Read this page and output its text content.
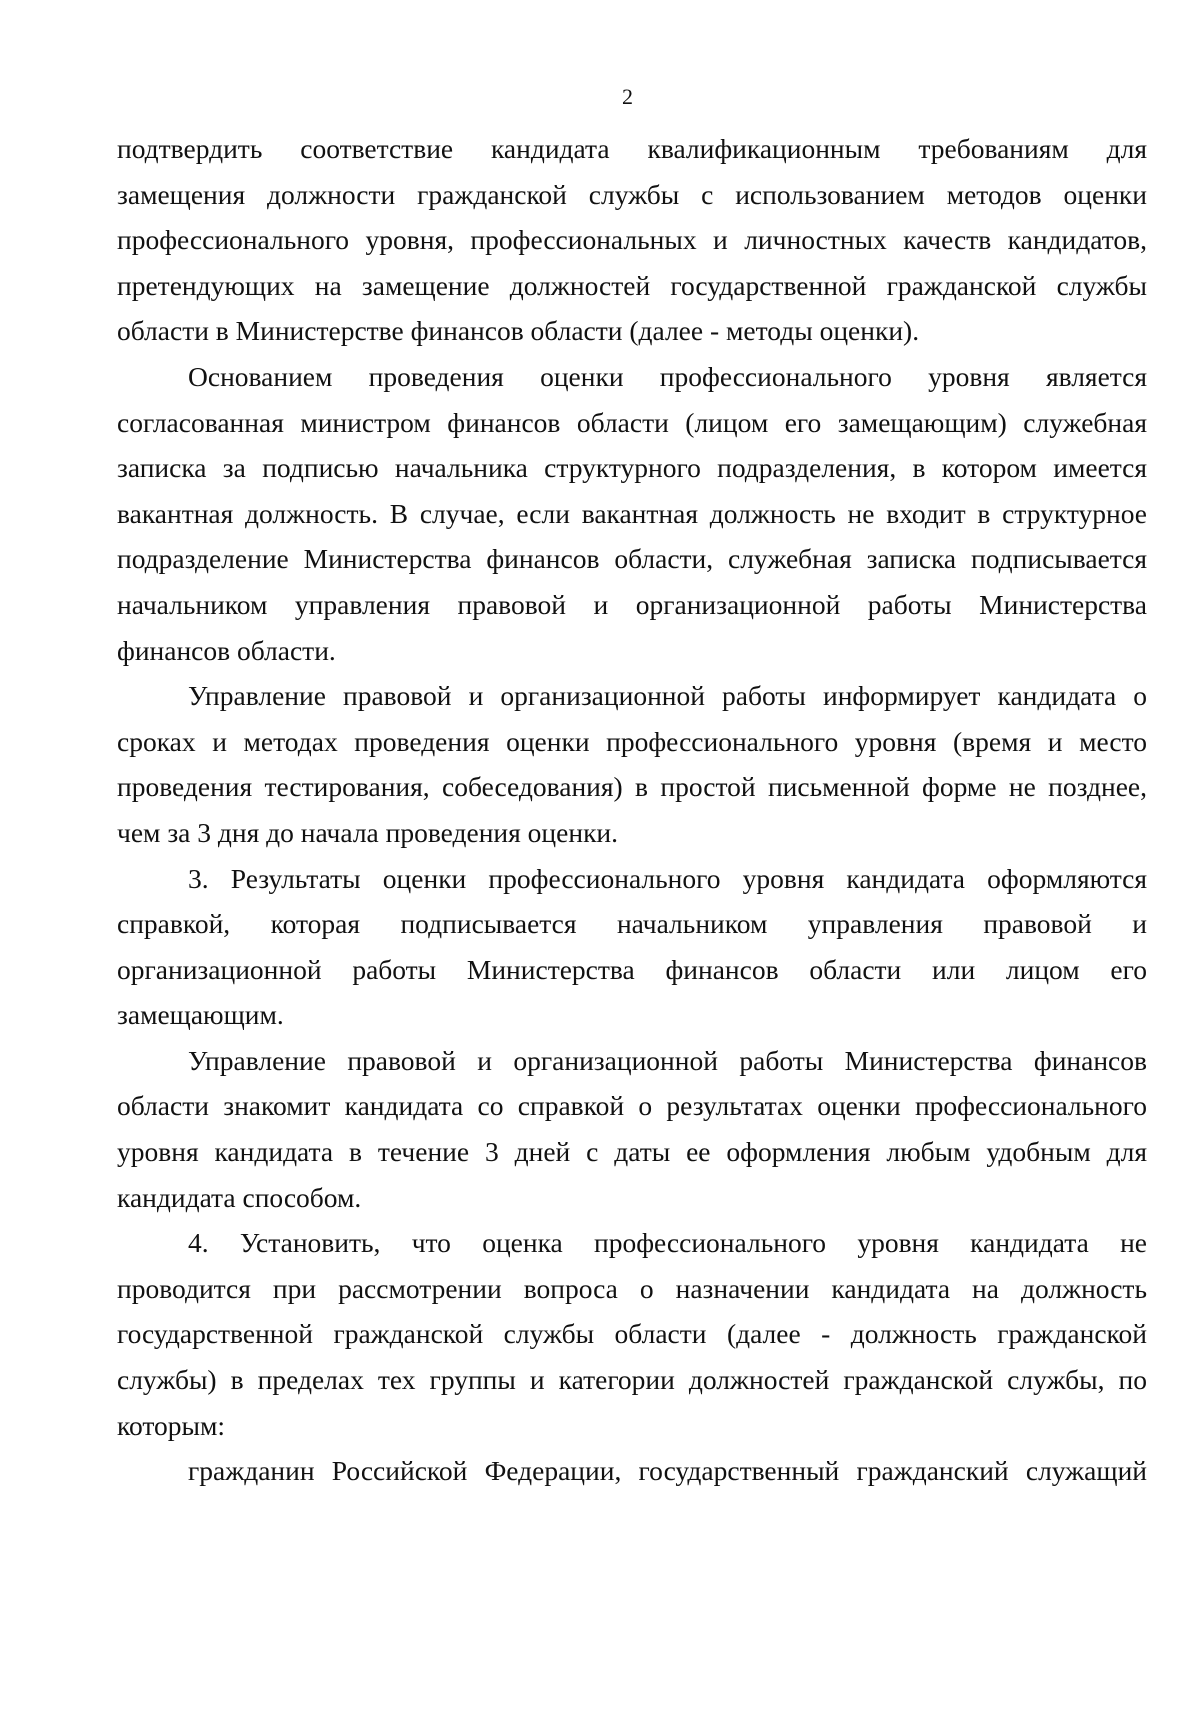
2

подтвердить соответствие кандидата квалификационным требованиям для
замещения должности гражданской службы с использованием методов оценки
профессионального уровня, профессиональных и личностных качеств кандидатов,
претендующих на замещение должностей государственной гражданской службы
области в Министерстве финансов области (далее - методы оценки).

Основанием проведения оценки профессионального уровня является
согласованная министром финансов области (лицом его замещающим) служебная
записка за подписью начальника структурного подразделения, в котором имеется
вакантная должность. В случае, если вакантная должность не входит в структурное
подразделение Министерства финансов области, служебная записка подписывается
начальником управления правовой и организационной работы Министерства
финансов области.

Управление правовой и организационной работы информирует кандидата о
сроках и методах проведения оценки профессионального уровня (время и место
проведения тестирования, собеседования) в простой письменной форме не позднее,
чем за 3 дня до начала проведения оценки.

3. Результаты оценки профессионального уровня кандидата оформляются
справкой, которая подписывается начальником управления правовой и
организационной работы Министерства финансов области или лицом его
замещающим.

Управление правовой и организационной работы Министерства финансов
области знакомит кандидата со справкой о результатах оценки профессионального
уровня кандидата в течение 3 дней с даты ее оформления любым удобным для
кандидата способом.

4. Установить, что оценка профессионального уровня кандидата не
проводится при рассмотрении вопроса о назначении кандидата на должность
государственной гражданской службы области (далее - должность гражданской
службы) в пределах тех группы и категории должностей гражданской службы, по
которым:

гражданин Российской Федерации, государственный гражданский служащий
